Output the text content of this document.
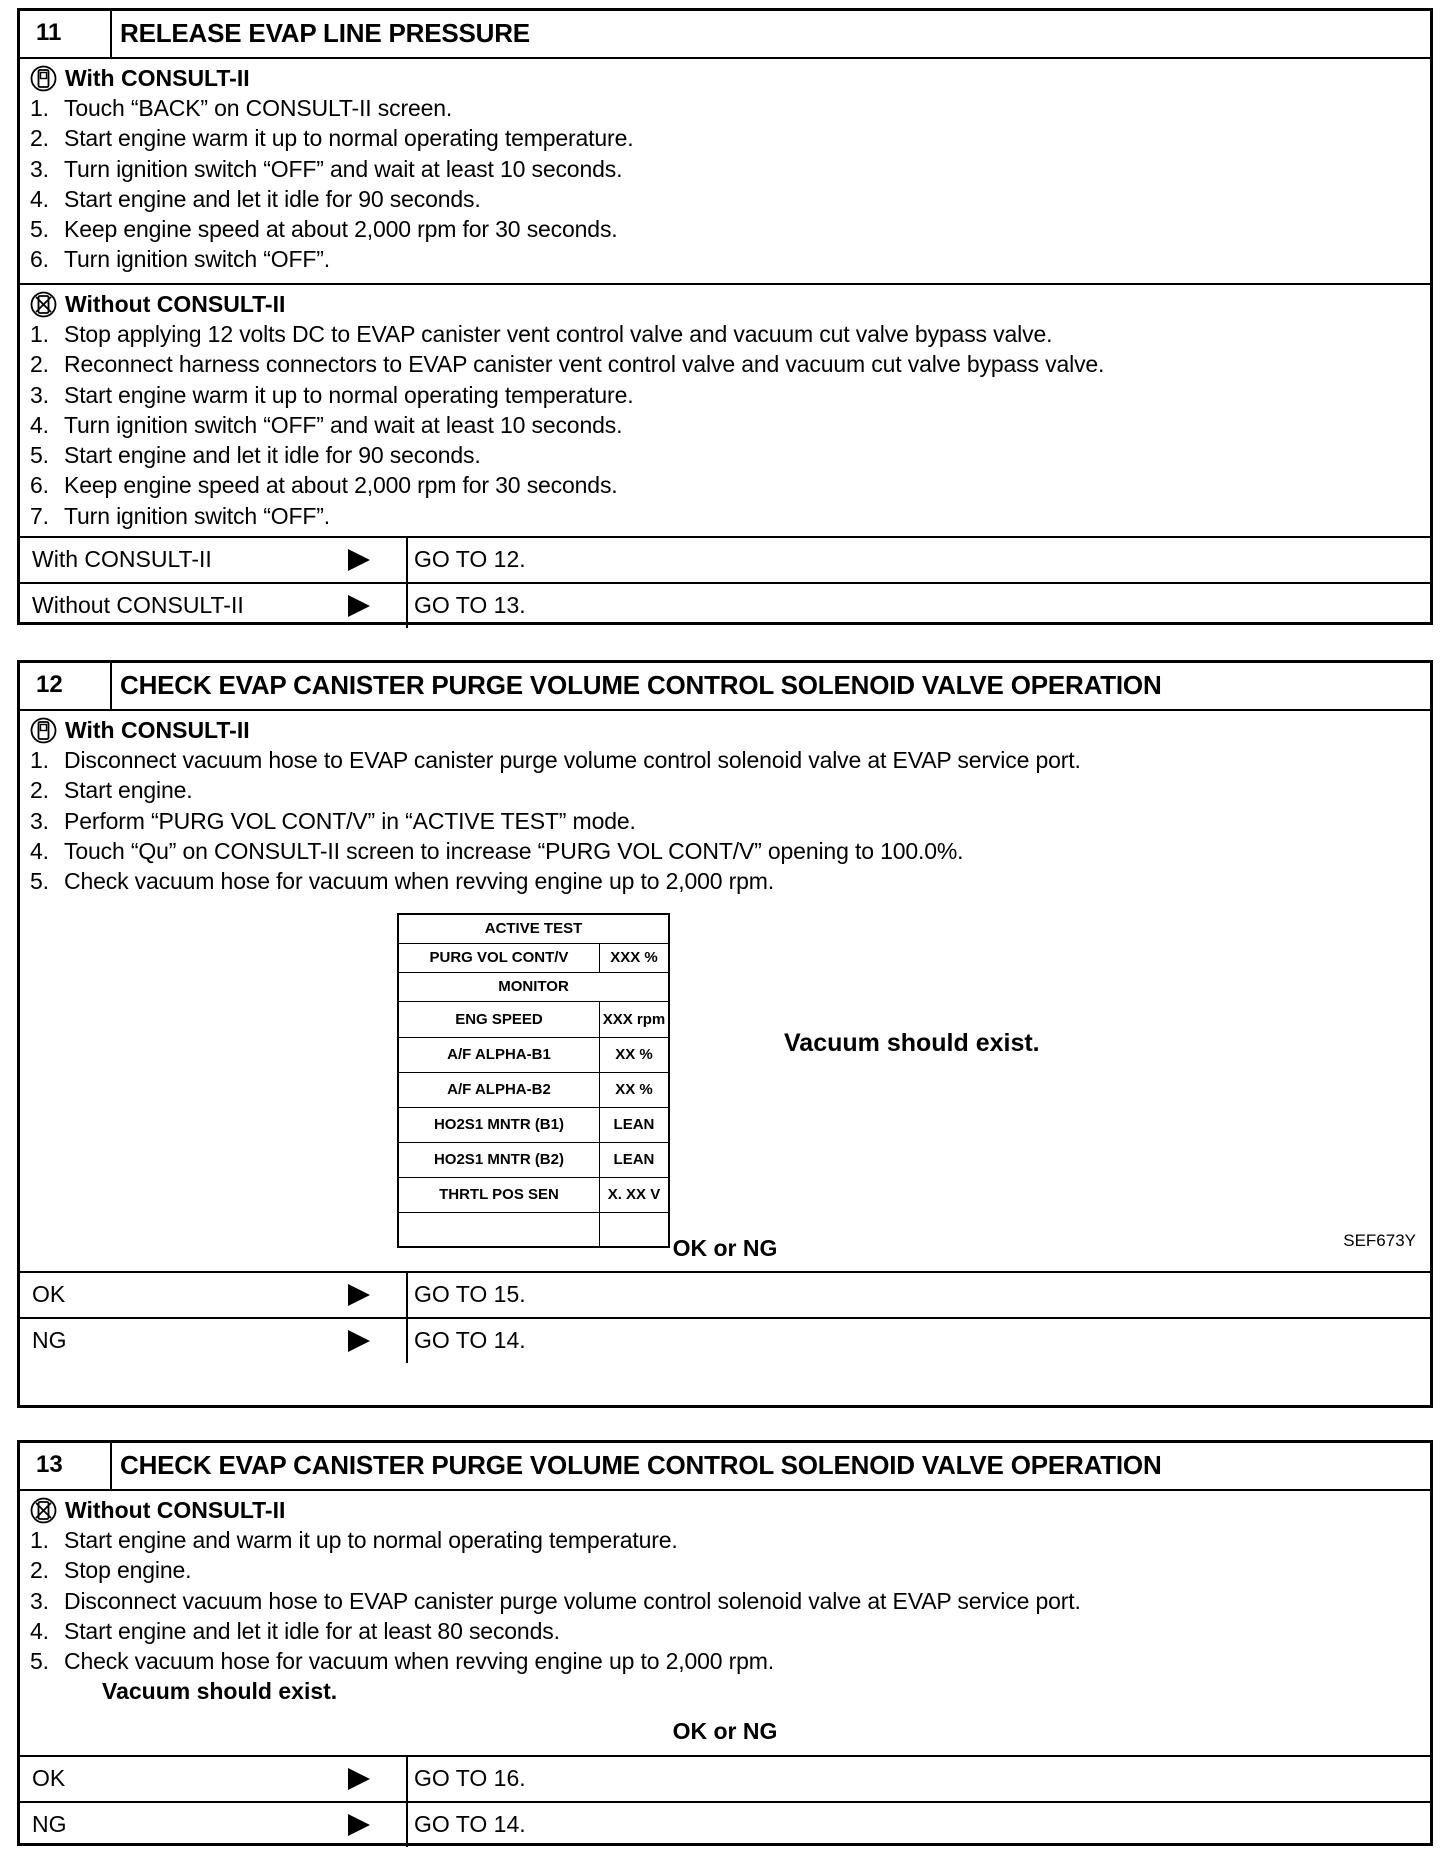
11	RELEASE EVAP LINE PRESSURE
With CONSULT-II
1. Touch “BACK” on CONSULT-II screen.
2. Start engine warm it up to normal operating temperature.
3. Turn ignition switch “OFF” and wait at least 10 seconds.
4. Start engine and let it idle for 90 seconds.
5. Keep engine speed at about 2,000 rpm for 30 seconds.
6. Turn ignition switch “OFF”.
Without CONSULT-II
1. Stop applying 12 volts DC to EVAP canister vent control valve and vacuum cut valve bypass valve.
2. Reconnect harness connectors to EVAP canister vent control valve and vacuum cut valve bypass valve.
3. Start engine warm it up to normal operating temperature.
4. Turn ignition switch “OFF” and wait at least 10 seconds.
5. Start engine and let it idle for 90 seconds.
6. Keep engine speed at about 2,000 rpm for 30 seconds.
7. Turn ignition switch “OFF”.
With CONSULT-II	GO TO 12.
Without CONSULT-II	GO TO 13.
12	CHECK EVAP CANISTER PURGE VOLUME CONTROL SOLENOID VALVE OPERATION
With CONSULT-II
1. Disconnect vacuum hose to EVAP canister purge volume control solenoid valve at EVAP service port.
2. Start engine.
3. Perform “PURG VOL CONT/V” in “ACTIVE TEST” mode.
4. Touch “Qu” on CONSULT-II screen to increase “PURG VOL CONT/V” opening to 100.0%.
5. Check vacuum hose for vacuum when revving engine up to 2,000 rpm.
ACTIVE TEST	
PURG VOL CONT/V	XXX %
MONITOR	
ENG SPEED	XXX rpm
A/F ALPHA-B1	XX %
A/F ALPHA-B2	XX %
HO2S1 MNTR (B1)	LEAN
HO2S1 MNTR (B2)	LEAN
THRTL POS SEN	X. XX V

Vacuum should exist.
SEF673Y
OK or NG
OK	GO TO 15.
NG	GO TO 14.
13	CHECK EVAP CANISTER PURGE VOLUME CONTROL SOLENOID VALVE OPERATION
Without CONSULT-II
1. Start engine and warm it up to normal operating temperature.
2. Stop engine.
3. Disconnect vacuum hose to EVAP canister purge volume control solenoid valve at EVAP service port.
4. Start engine and let it idle for at least 80 seconds.
5. Check vacuum hose for vacuum when revving engine up to 2,000 rpm.
Vacuum should exist.
OK or NG
OK	GO TO 16.
NG	GO TO 14.
